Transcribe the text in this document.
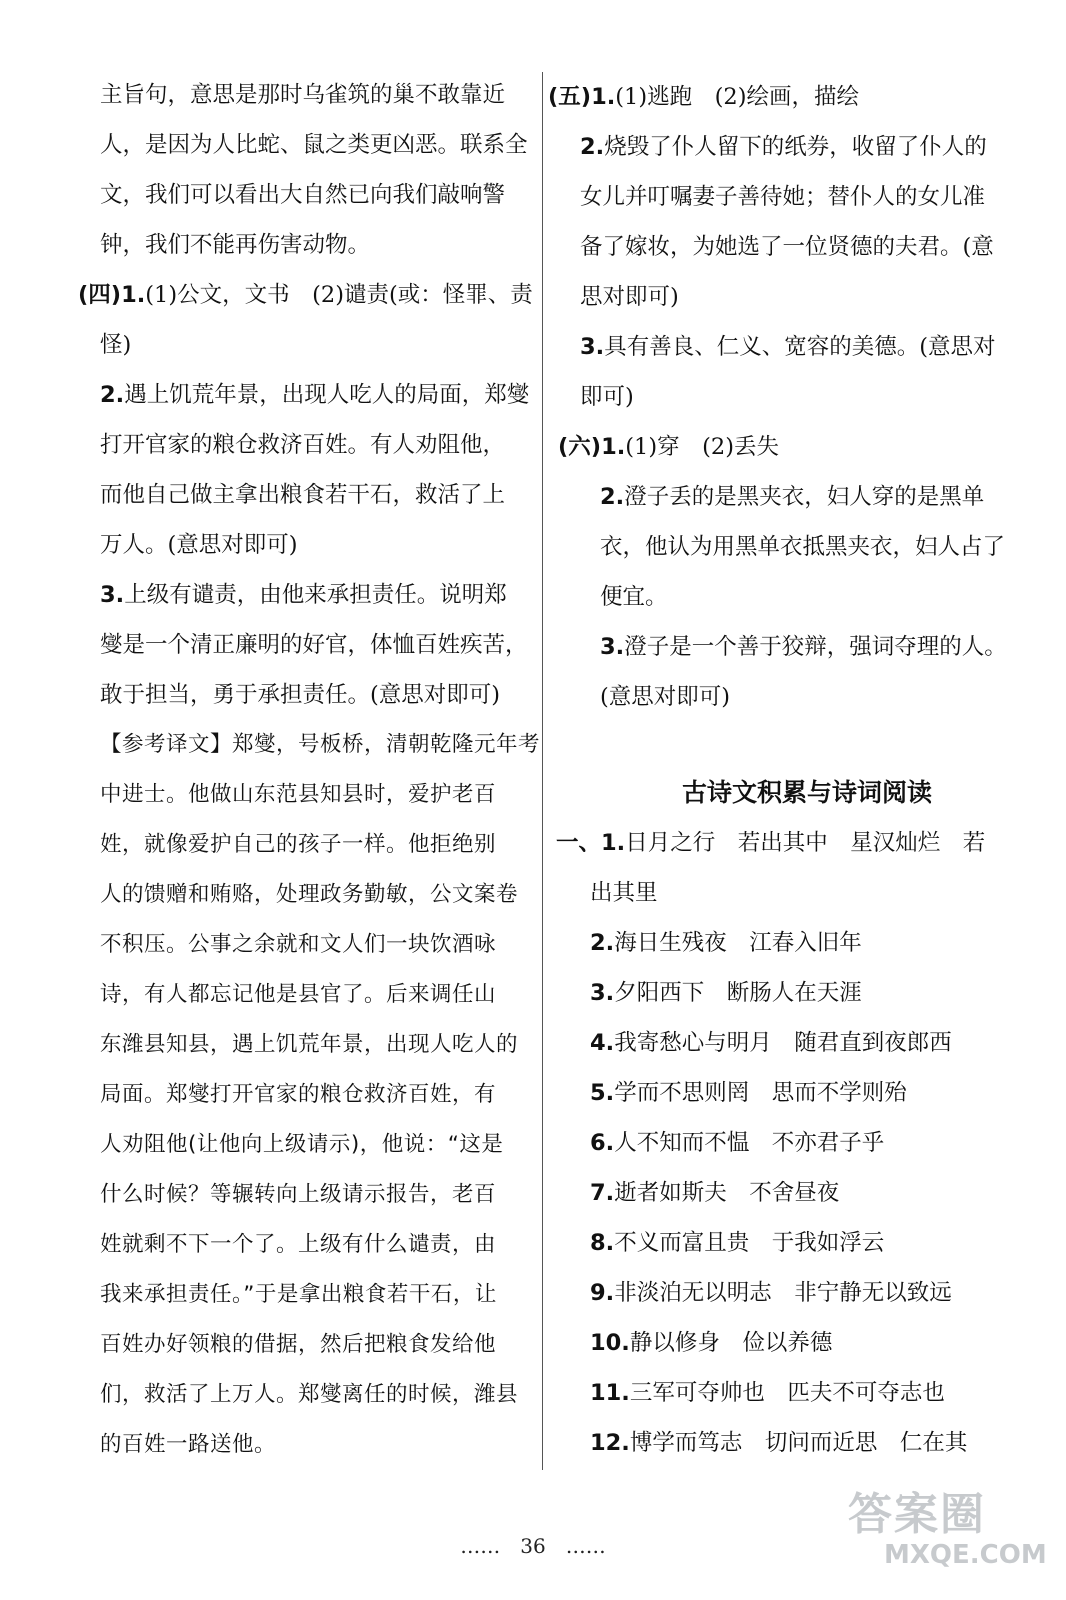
主旨句，意思是那时乌雀筑的巢不敢靠近
人，是因为人比蛇、鼠之类更凶恶。联系全
文，我们可以看出大自然已向我们敲响警
钟，我们不能再伤害动物。
(四)1.(1)公文，文书　(2)谴责(或：怪罪、责
怪)
2.遇上饥荒年景，出现人吃人的局面，郑燮
打开官家的粮仓救济百姓。有人劝阻他，
而他自己做主拿出粮食若干石，救活了上
万人。(意思对即可)
3.上级有谴责，由他来承担责任。说明郑
燮是一个清正廉明的好官，体恤百姓疾苦，
敢于担当，勇于承担责任。(意思对即可)
【参考译文】郑燮，号板桥，清朝乾隆元年考
中进士。他做山东范县知县时，爱护老百
姓，就像爱护自己的孩子一样。他拒绝别
人的馈赠和贿赂，处理政务勤敏，公文案卷
不积压。公事之余就和文人们一块饮酒咏
诗，有人都忘记他是县官了。后来调任山
东潍县知县，遇上饥荒年景，出现人吃人的
局面。郑燮打开官家的粮仓救济百姓，有
人劝阻他(让他向上级请示)，他说：“这是
什么时候？等辗转向上级请示报告，老百
姓就剩不下一个了。上级有什么谴责，由
我来承担责任。”于是拿出粮食若干石，让
百姓办好领粮的借据，然后把粮食发给他
们，救活了上万人。郑燮离任的时候，潍县
的百姓一路送他。
(五)1.(1)逃跑　(2)绘画，描绘
2.烧毁了仆人留下的纸券，收留了仆人的
女儿并叮嘱妻子善待她；替仆人的女儿准
备了嫁妆，为她选了一位贤德的夫君。(意
思对即可)
3.具有善良、仁义、宽容的美德。(意思对
即可)
(六)1.(1)穿　(2)丢失
2.澄子丢的是黑夹衣，妇人穿的是黑单
衣，他认为用黑单衣抵黑夹衣，妇人占了
便宜。
3.澄子是一个善于狡辩，强词夺理的人。
(意思对即可)
古诗文积累与诗词阅读
一、1.日月之行　若出其中　星汉灿烂　若
出其里
2.海日生残夜　江春入旧年
3.夕阳西下　断肠人在天涯
4.我寄愁心与明月　随君直到夜郎西
5.学而不思则罔　思而不学则殆
6.人不知而不愠　不亦君子乎
7.逝者如斯夫　不舍昼夜
8.不义而富且贵　于我如浮云
9.非淡泊无以明志　非宁静无以致远
10.静以修身　俭以养德
11.三军可夺帅也　匹夫不可夺志也
12.博学而笃志　切问而近思　仁在其
……　36　……
答案圈
MXQE.COM
